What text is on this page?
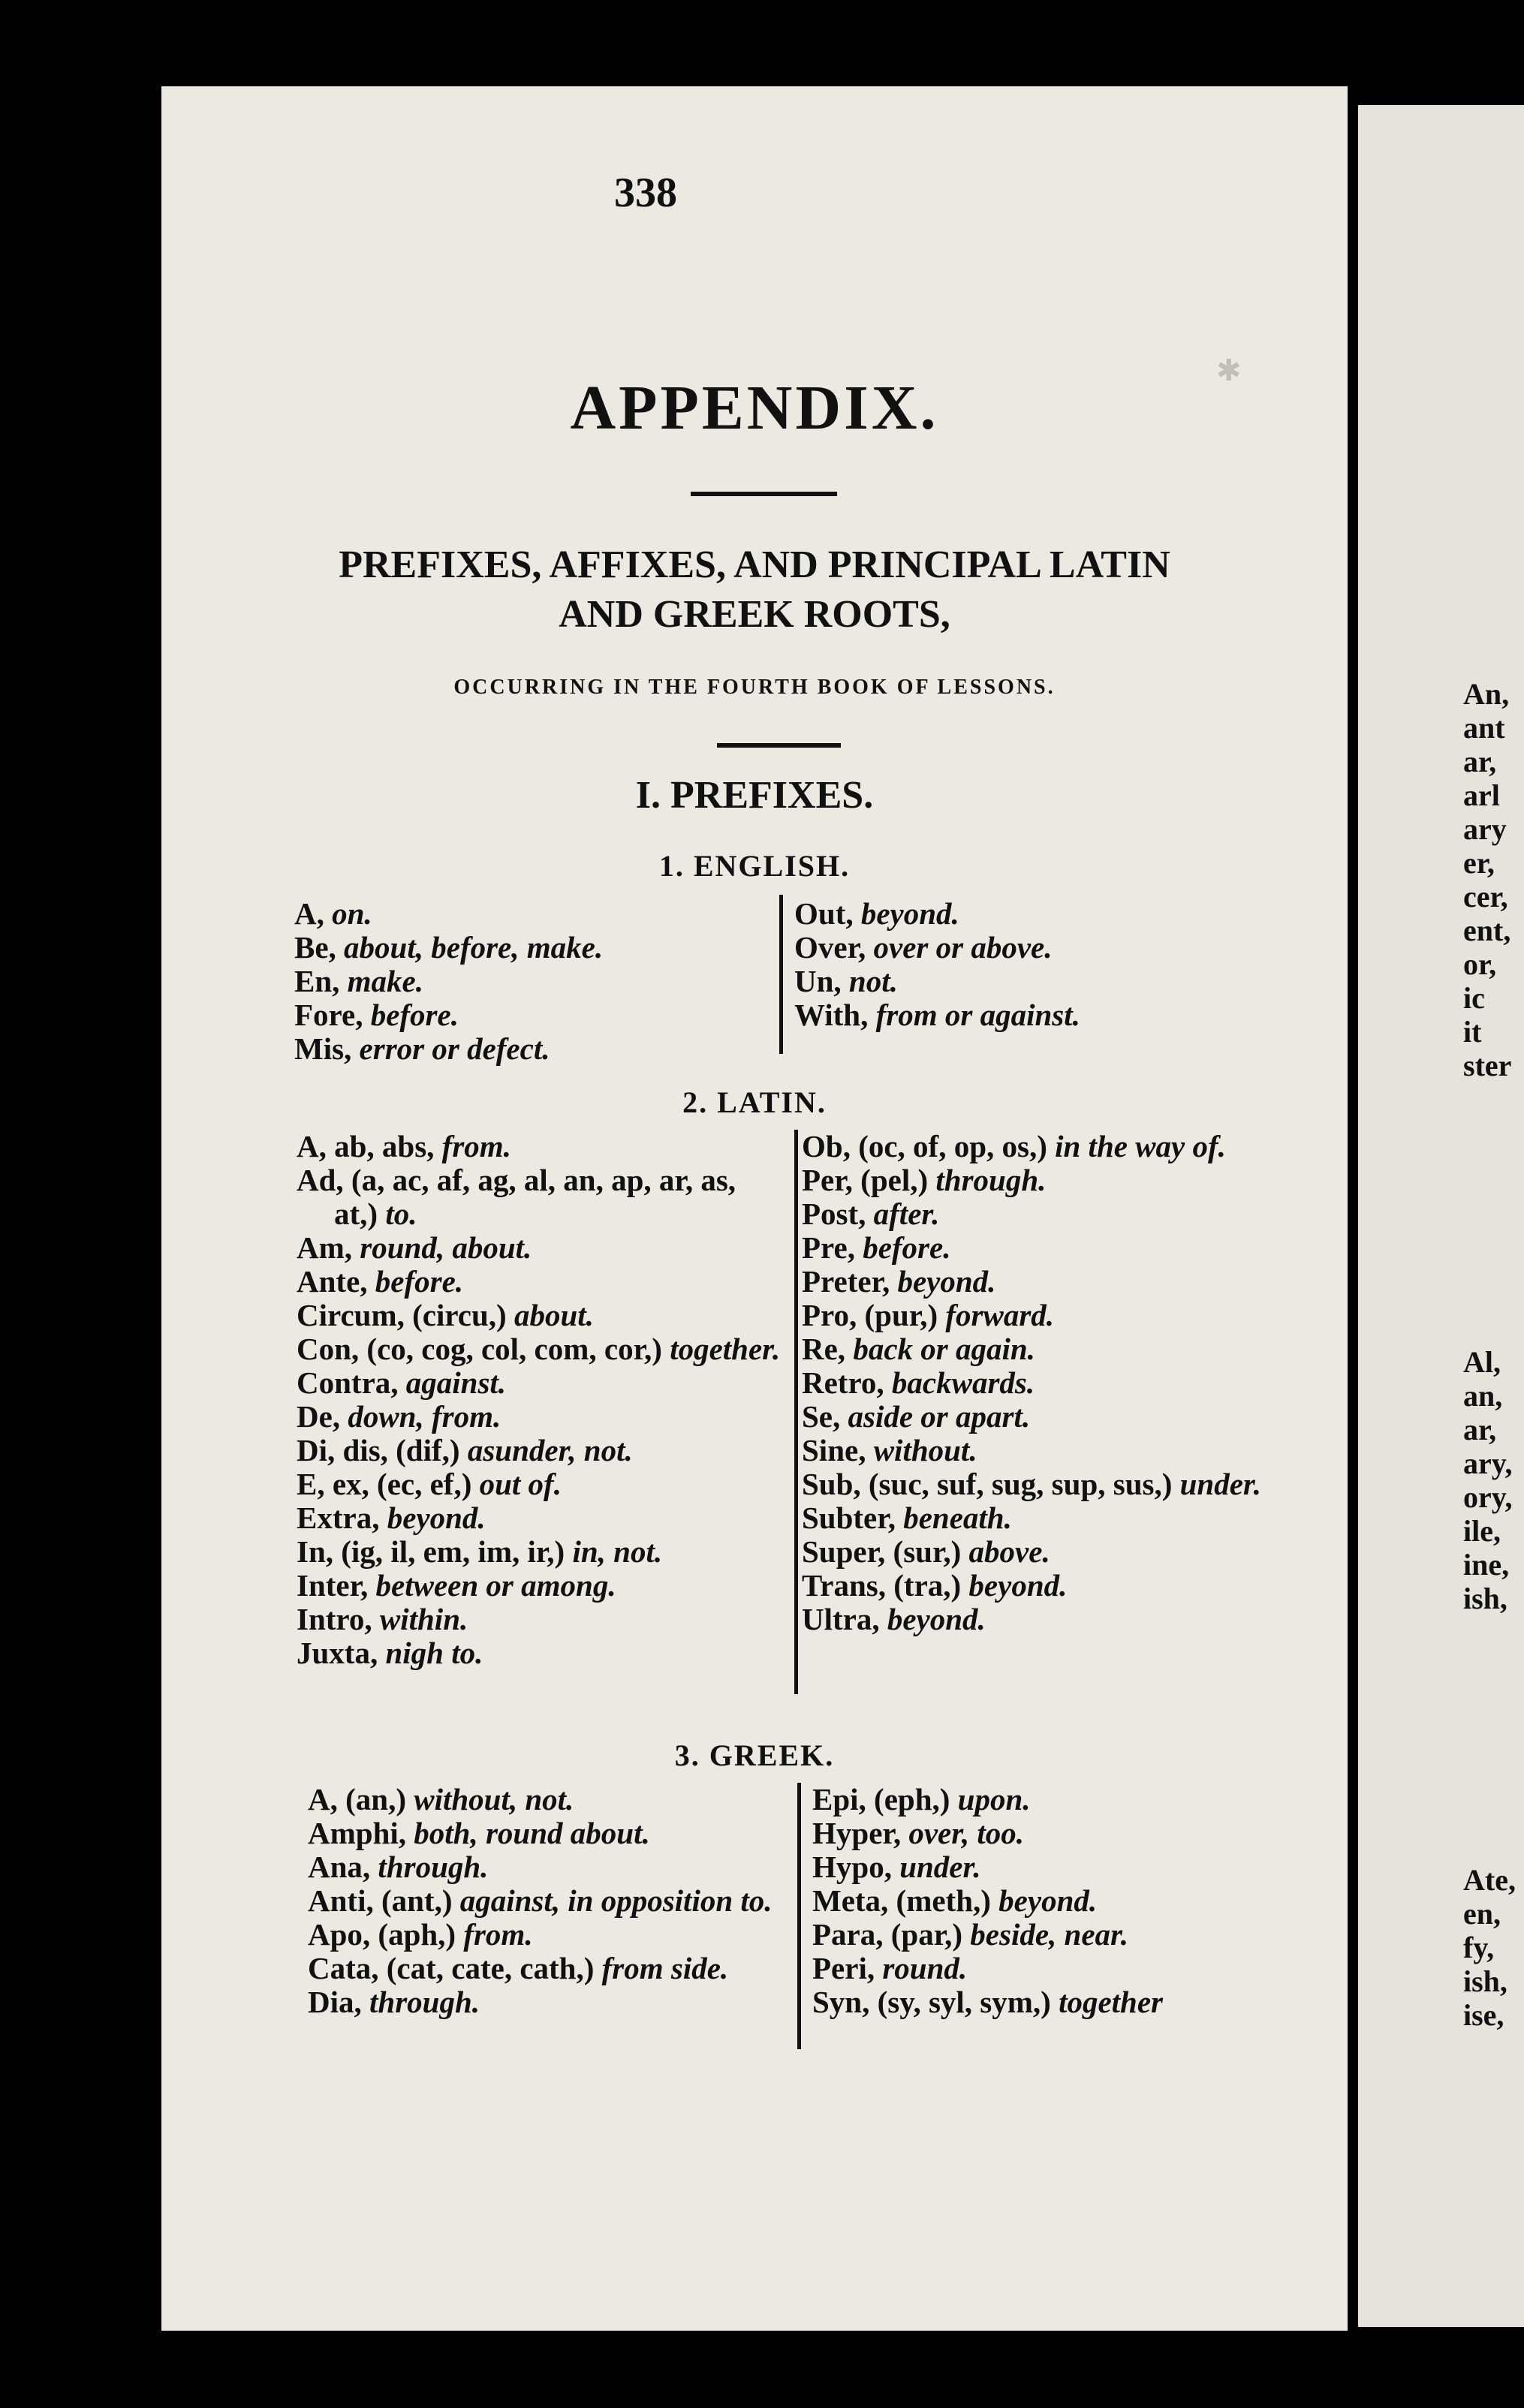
An,
ant
ar,
arl
ary
er,
cer,
ent,
or,
ic
it
ster
Al,
an,
ar,
ary,
ory,
ile,
ine,
ish,
Ate,
en,
fy,
ish,
ise,
✱
338
APPENDIX.
PREFIXES, AFFIXES, AND PRINCIPAL LATIN
AND GREEK ROOTS,
OCCURRING IN THE FOURTH BOOK OF LESSONS.
I. PREFIXES.
1. ENGLISH.
A, on.
Be, about, before, make.
En, make.
Fore, before.
Mis, error or defect.
Out, beyond.
Over, over or above.
Un, not.
With, from or against.
2. LATIN.
A, ab, abs, from.
Ad, (a, ac, af, ag, al, an, ap, ar, as, at,) to.
Am, round, about.
Ante, before.
Circum, (circu,) about.
Con, (co, cog, col, com, cor,) together.
Contra, against.
De, down, from.
Di, dis, (dif,) asunder, not.
E, ex, (ec, ef,) out of.
Extra, beyond.
In, (ig, il, em, im, ir,) in, not.
Inter, between or among.
Intro, within.
Juxta, nigh to.
Ob, (oc, of, op, os,) in the way of.
Per, (pel,) through.
Post, after.
Pre, before.
Preter, beyond.
Pro, (pur,) forward.
Re, back or again.
Retro, backwards.
Se, aside or apart.
Sine, without.
Sub, (suc, suf, sug, sup, sus,) under.
Subter, beneath.
Super, (sur,) above.
Trans, (tra,) beyond.
Ultra, beyond.
3. GREEK.
A, (an,) without, not.
Amphi, both, round about.
Ana, through.
Anti, (ant,) against, in opposition to.
Apo, (aph,) from.
Cata, (cat, cate, cath,) from side.
Dia, through.
Epi, (eph,) upon.
Hyper, over, too.
Hypo, under.
Meta, (meth,) beyond.
Para, (par,) beside, near.
Peri, round.
Syn, (sy, syl, sym,) together
